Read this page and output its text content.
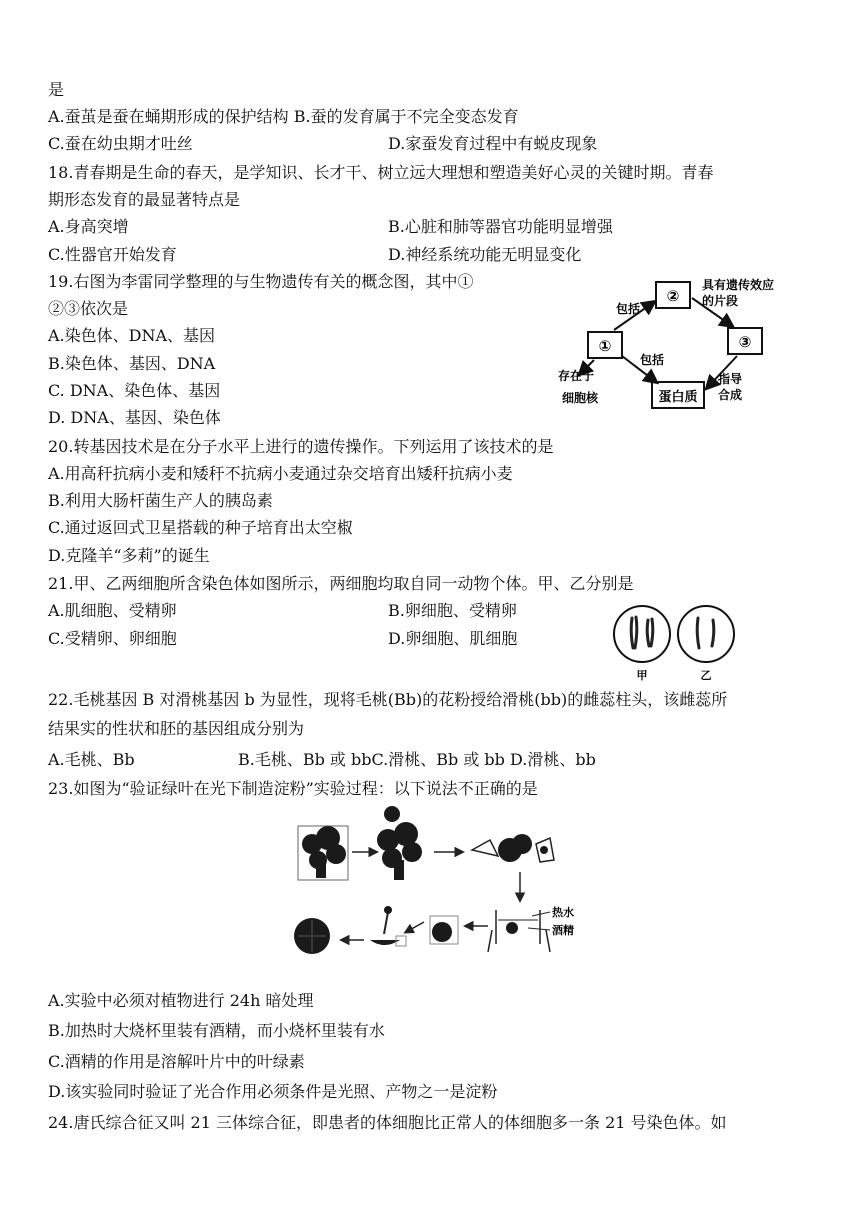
是
A.蚕茧是蚕在蛹期形成的保护结构 B.蚕的发育属于不完全变态发育
C.蚕在幼虫期才吐丝	D.家蚕发育过程中有蜕皮现象
18.青春期是生命的春天，是学知识、长才干、树立远大理想和塑造美好心灵的关键时期。青春
期形态发育的最显著特点是
A.身高突增	B.心脏和肺等器官功能明显增强
C.性器官开始发育	D.神经系统功能无明显变化
19.右图为李雷同学整理的与生物遗传有关的概念图，其中①
②③依次是
A.染色体、DNA、基因
B.染色体、基因、DNA
C. DNA、染色体、基因
D. DNA、基因、染色体
20.转基因技术是在分子水平上进行的遗传操作。下列运用了该技术的是
A.用高秆抗病小麦和矮秆不抗病小麦通过杂交培育出矮秆抗病小麦
B.利用大肠杆菌生产人的胰岛素
C.通过返回式卫星搭载的种子培育出太空椒
D.克隆羊“多莉”的诞生
21.甲、乙两细胞所含染色体如图所示，两细胞均取自同一动物个体。甲、乙分别是
A.肌细胞、受精卵	B.卵细胞、受精卵
C.受精卵、卵细胞	D.卵细胞、肌细胞
22.毛桃基因 B 对滑桃基因 b 为显性，现将毛桃(Bb)的花粉授给滑桃(bb)的雌蕊柱头，该雌蕊所
结果实的性状和胚的基因组成分别为
A.毛桃、Bb	B.毛桃、Bb 或 bbC.滑桃、Bb 或 bb D.滑桃、bb
23.如图为“验证绿叶在光下制造淀粉”实验过程：以下说法不正确的是
A.实验中必须对植物进行 24h 暗处理
B.加热时大烧杯里装有酒精，而小烧杯里装有水
C.酒精的作用是溶解叶片中的叶绿素
D.该实验同时验证了光合作用必须条件是光照、产物之一是淀粉
24.唐氏综合征又叫 21 三体综合征，即患者的体细胞比正常人的体细胞多一条 21 号染色体。如
①
②
③
蛋白质
包括
具有遗传效应
的片段
包括
指导
合成
存在于
细胞核
甲	乙
热水
酒精
